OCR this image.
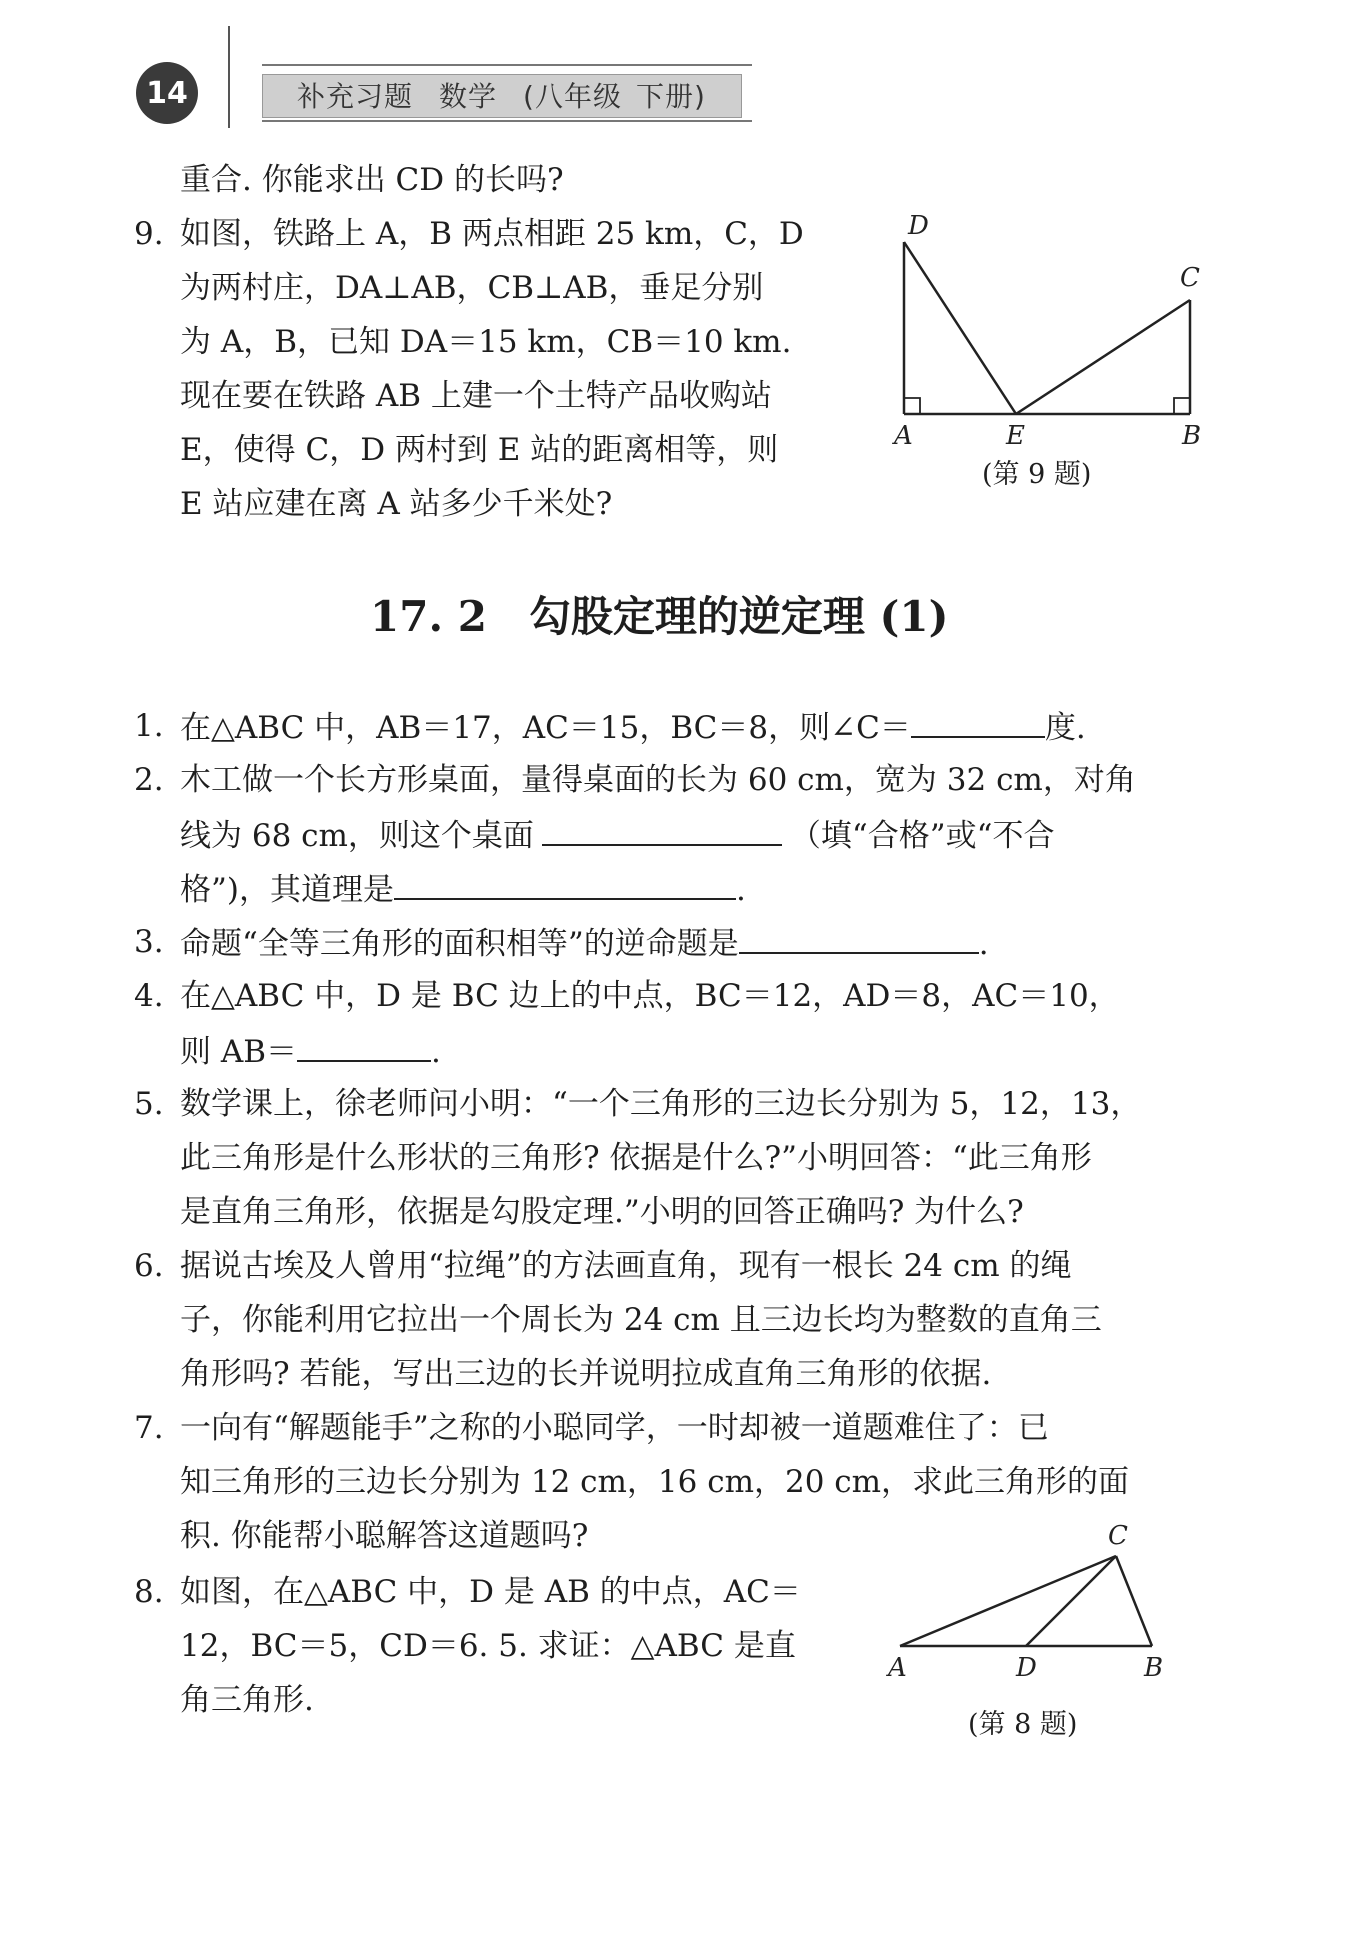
14	补充习题 数学 (八年级 下册)
重合. 你能求出 CD 的长吗?
9. 如图，铁路上 A，B 两点相距 25 km，C，D
为两村庄，DA⊥AB，CB⊥AB，垂足分别
为 A，B，已知 DA＝15 km，CB＝10 km.
现在要在铁路 AB 上建一个土特产品收购站
E，使得 C，D 两村到 E 站的距离相等，则
E 站应建在离 A 站多少千米处?
D
C
A	E	B
(第 9 题)
17. 2　勾股定理的逆定理 (1)
1. 在△ABC 中，AB＝17，AC＝15，BC＝8，则∠C＝	度.
2. 木工做一个长方形桌面，量得桌面的长为 60 cm，宽为 32 cm，对角
线为 68 cm，则这个桌面	（填“合格”或“不合
格”)，其道理是	.
3. 命题“全等三角形的面积相等”的逆命题是	.
4. 在△ABC 中，D 是 BC 边上的中点，BC＝12，AD＝8，AC＝10，
则 AB＝	.
5. 数学课上，徐老师问小明：“一个三角形的三边长分别为 5，12，13，
此三角形是什么形状的三角形? 依据是什么?”小明回答：“此三角形
是直角三角形，依据是勾股定理.”小明的回答正确吗? 为什么?
6. 据说古埃及人曾用“拉绳”的方法画直角，现有一根长 24 cm 的绳
子，你能利用它拉出一个周长为 24 cm 且三边长均为整数的直角三
角形吗? 若能，写出三边的长并说明拉成直角三角形的依据.
7. 一向有“解题能手”之称的小聪同学，一时却被一道题难住了：已
知三角形的三边长分别为 12 cm，16 cm，20 cm，求此三角形的面
积. 你能帮小聪解答这道题吗?
8. 如图，在△ABC 中，D 是 AB 的中点，AC＝
12，BC＝5，CD＝6. 5. 求证：△ABC 是直
角三角形.
C
A	D	B
(第 8 题)
